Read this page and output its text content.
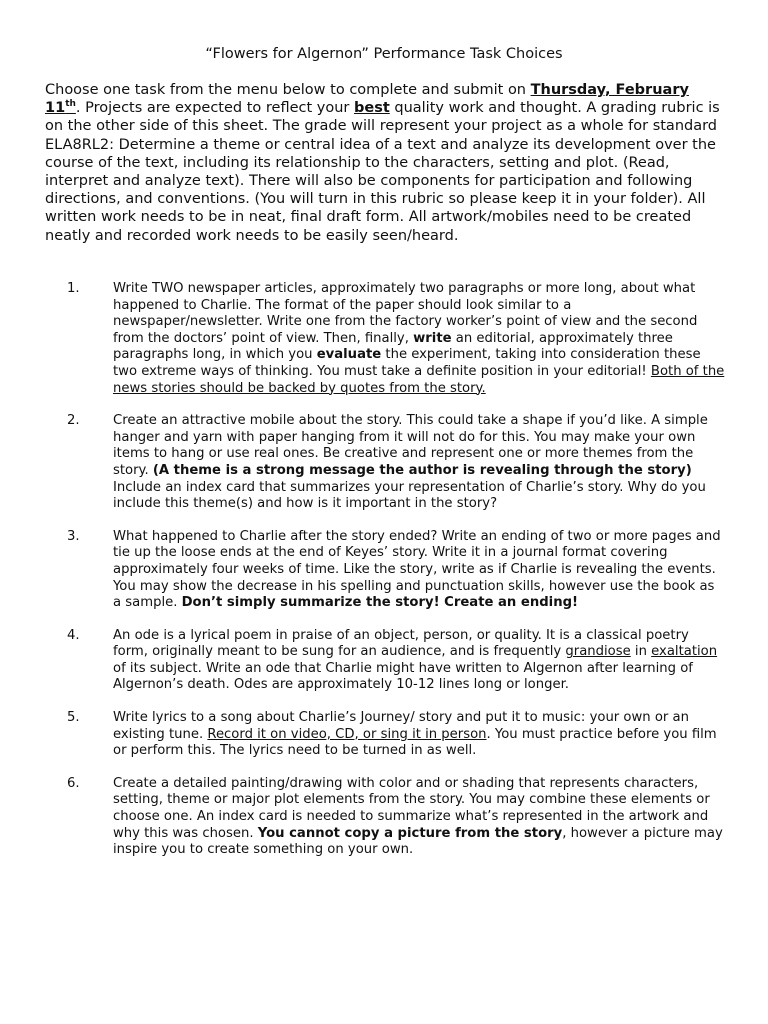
“Flowers for Algernon” Performance Task Choices
Choose one task from the menu below to complete and submit on Thursday, February 11th. Projects are expected to reflect your best quality work and thought. A grading rubric is on the other side of this sheet. The grade will represent your project as a whole for standard ELA8RL2: Determine a theme or central idea of a text and analyze its development over the course of the text, including its relationship to the characters, setting and plot. (Read, interpret and analyze text). There will also be components for participation and following directions, and conventions. (You will turn in this rubric so please keep it in your folder). All written work needs to be in neat, final draft form. All artwork/mobiles need to be created neatly and recorded work needs to be easily seen/heard.
1.	Write TWO newspaper articles, approximately two paragraphs or more long, about what happened to Charlie. The format of the paper should look similar to a newspaper/newsletter. Write one from the factory worker’s point of view and the second from the doctors’ point of view. Then, finally, write an editorial, approximately three paragraphs long, in which you evaluate the experiment, taking into consideration these two extreme ways of thinking. You must take a definite position in your editorial! Both of the news stories should be backed by quotes from the story.
2.	Create an attractive mobile about the story. This could take a shape if you’d like. A simple hanger and yarn with paper hanging from it will not do for this. You may make your own items to hang or use real ones. Be creative and represent one or more themes from the story. (A theme is a strong message the author is revealing through the story) Include an index card that summarizes your representation of Charlie’s story. Why do you include this theme(s) and how is it important in the story?
3.	What happened to Charlie after the story ended? Write an ending of two or more pages and tie up the loose ends at the end of Keyes’ story. Write it in a journal format covering approximately four weeks of time. Like the story, write as if Charlie is revealing the events. You may show the decrease in his spelling and punctuation skills, however use the book as a sample. Don’t simply summarize the story! Create an ending!
4.	An ode is a lyrical poem in praise of an object, person, or quality. It is a classical poetry form, originally meant to be sung for an audience, and is frequently grandiose in exaltation of its subject. Write an ode that Charlie might have written to Algernon after learning of Algernon’s death. Odes are approximately 10-12 lines long or longer.
5.	Write lyrics to a song about Charlie’s Journey/ story and put it to music: your own or an existing tune. Record it on video, CD, or sing it in person. You must practice before you film or perform this. The lyrics need to be turned in as well.
6.	Create a detailed painting/drawing with color and or shading that represents characters, setting, theme or major plot elements from the story. You may combine these elements or choose one. An index card is needed to summarize what’s represented in the artwork and why this was chosen. You cannot copy a picture from the story, however a picture may inspire you to create something on your own.
